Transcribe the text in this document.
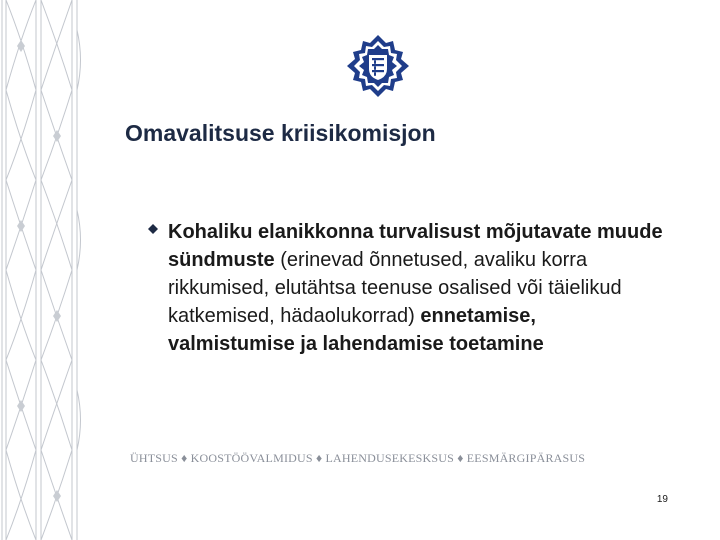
Omavalitsuse kriisikomisjon
Kohaliku elanikkonna turvalisust mõjutavate muude sündmuste (erinevad õnnetused, avaliku korra rikkumised, elutähtsa teenuse osalised või täielikud katkemised, hädaolukorrad) ennetamise, valmistumise ja lahendamise toetamine
ÜHTSUS ♦ KOOSTÖÖVALMIDUS ♦ LAHENDUSEKESKSUS ♦ EESMÄRGIPÄRASUS
19
